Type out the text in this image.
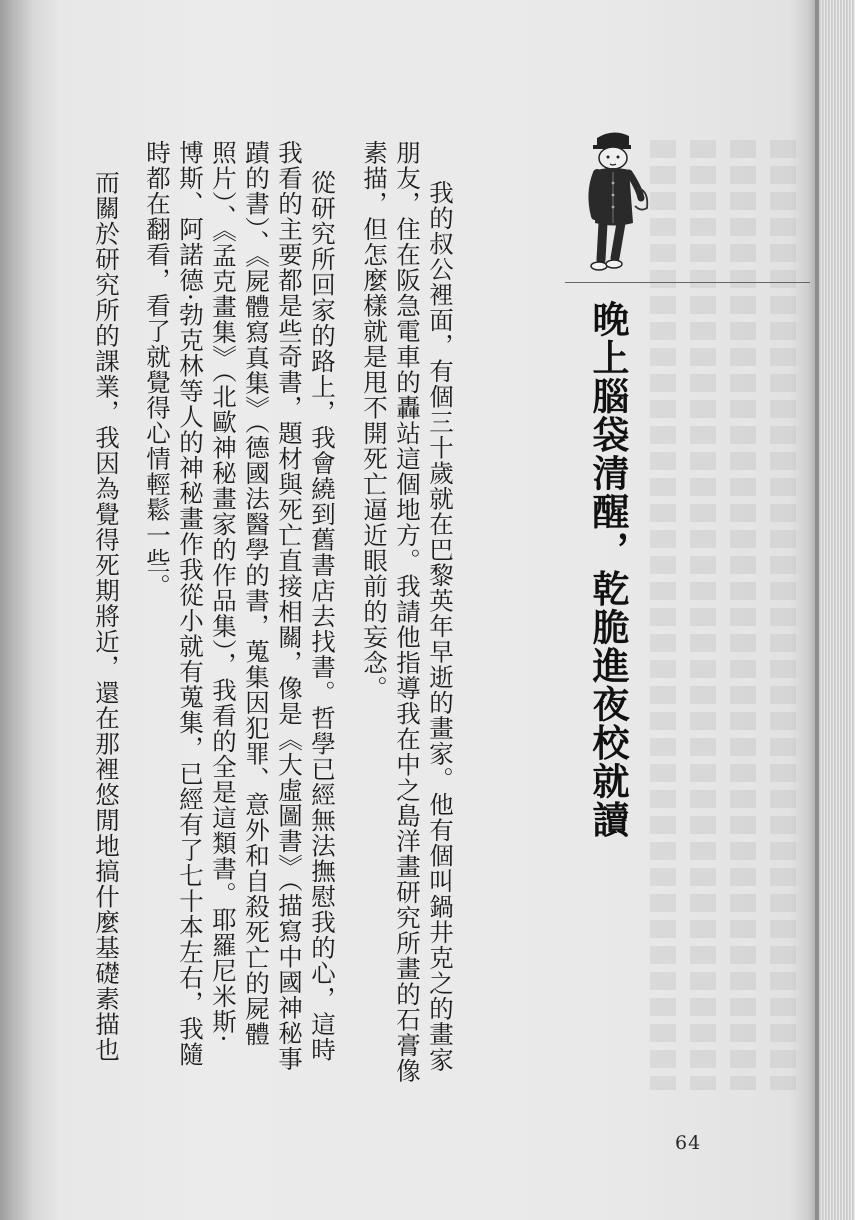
晚上腦袋清醒，乾脆進夜校就讀
我的叔公裡面，有個三十歲就在巴黎英年早逝的畫家。他有個叫鍋井克之的畫家
朋友，住在阪急電車的轟站這個地方。我請他指導我在中之島洋畫研究所畫的石膏像
素描，但怎麼樣就是甩不開死亡逼近眼前的妄念。
從研究所回家的路上，我會繞到舊書店去找書。哲學已經無法撫慰我的心，這時
我看的主要都是些奇書，題材與死亡直接相關，像是《大虛圖書》（描寫中國神秘事
蹟的書）、《屍體寫真集》（德國法醫學的書，蒐集因犯罪、意外和自殺死亡的屍體
照片）、《孟克畫集》（北歐神秘畫家的作品集），我看的全是這類書。耶羅尼米斯·
博斯、阿諾德·勃克林等人的神秘畫作我從小就有蒐集，已經有了七十本左右，我隨
時都在翻看，看了就覺得心情輕鬆一些。
而關於研究所的課業，我因為覺得死期將近，還在那裡悠閒地搞什麼基礎素描也
64
